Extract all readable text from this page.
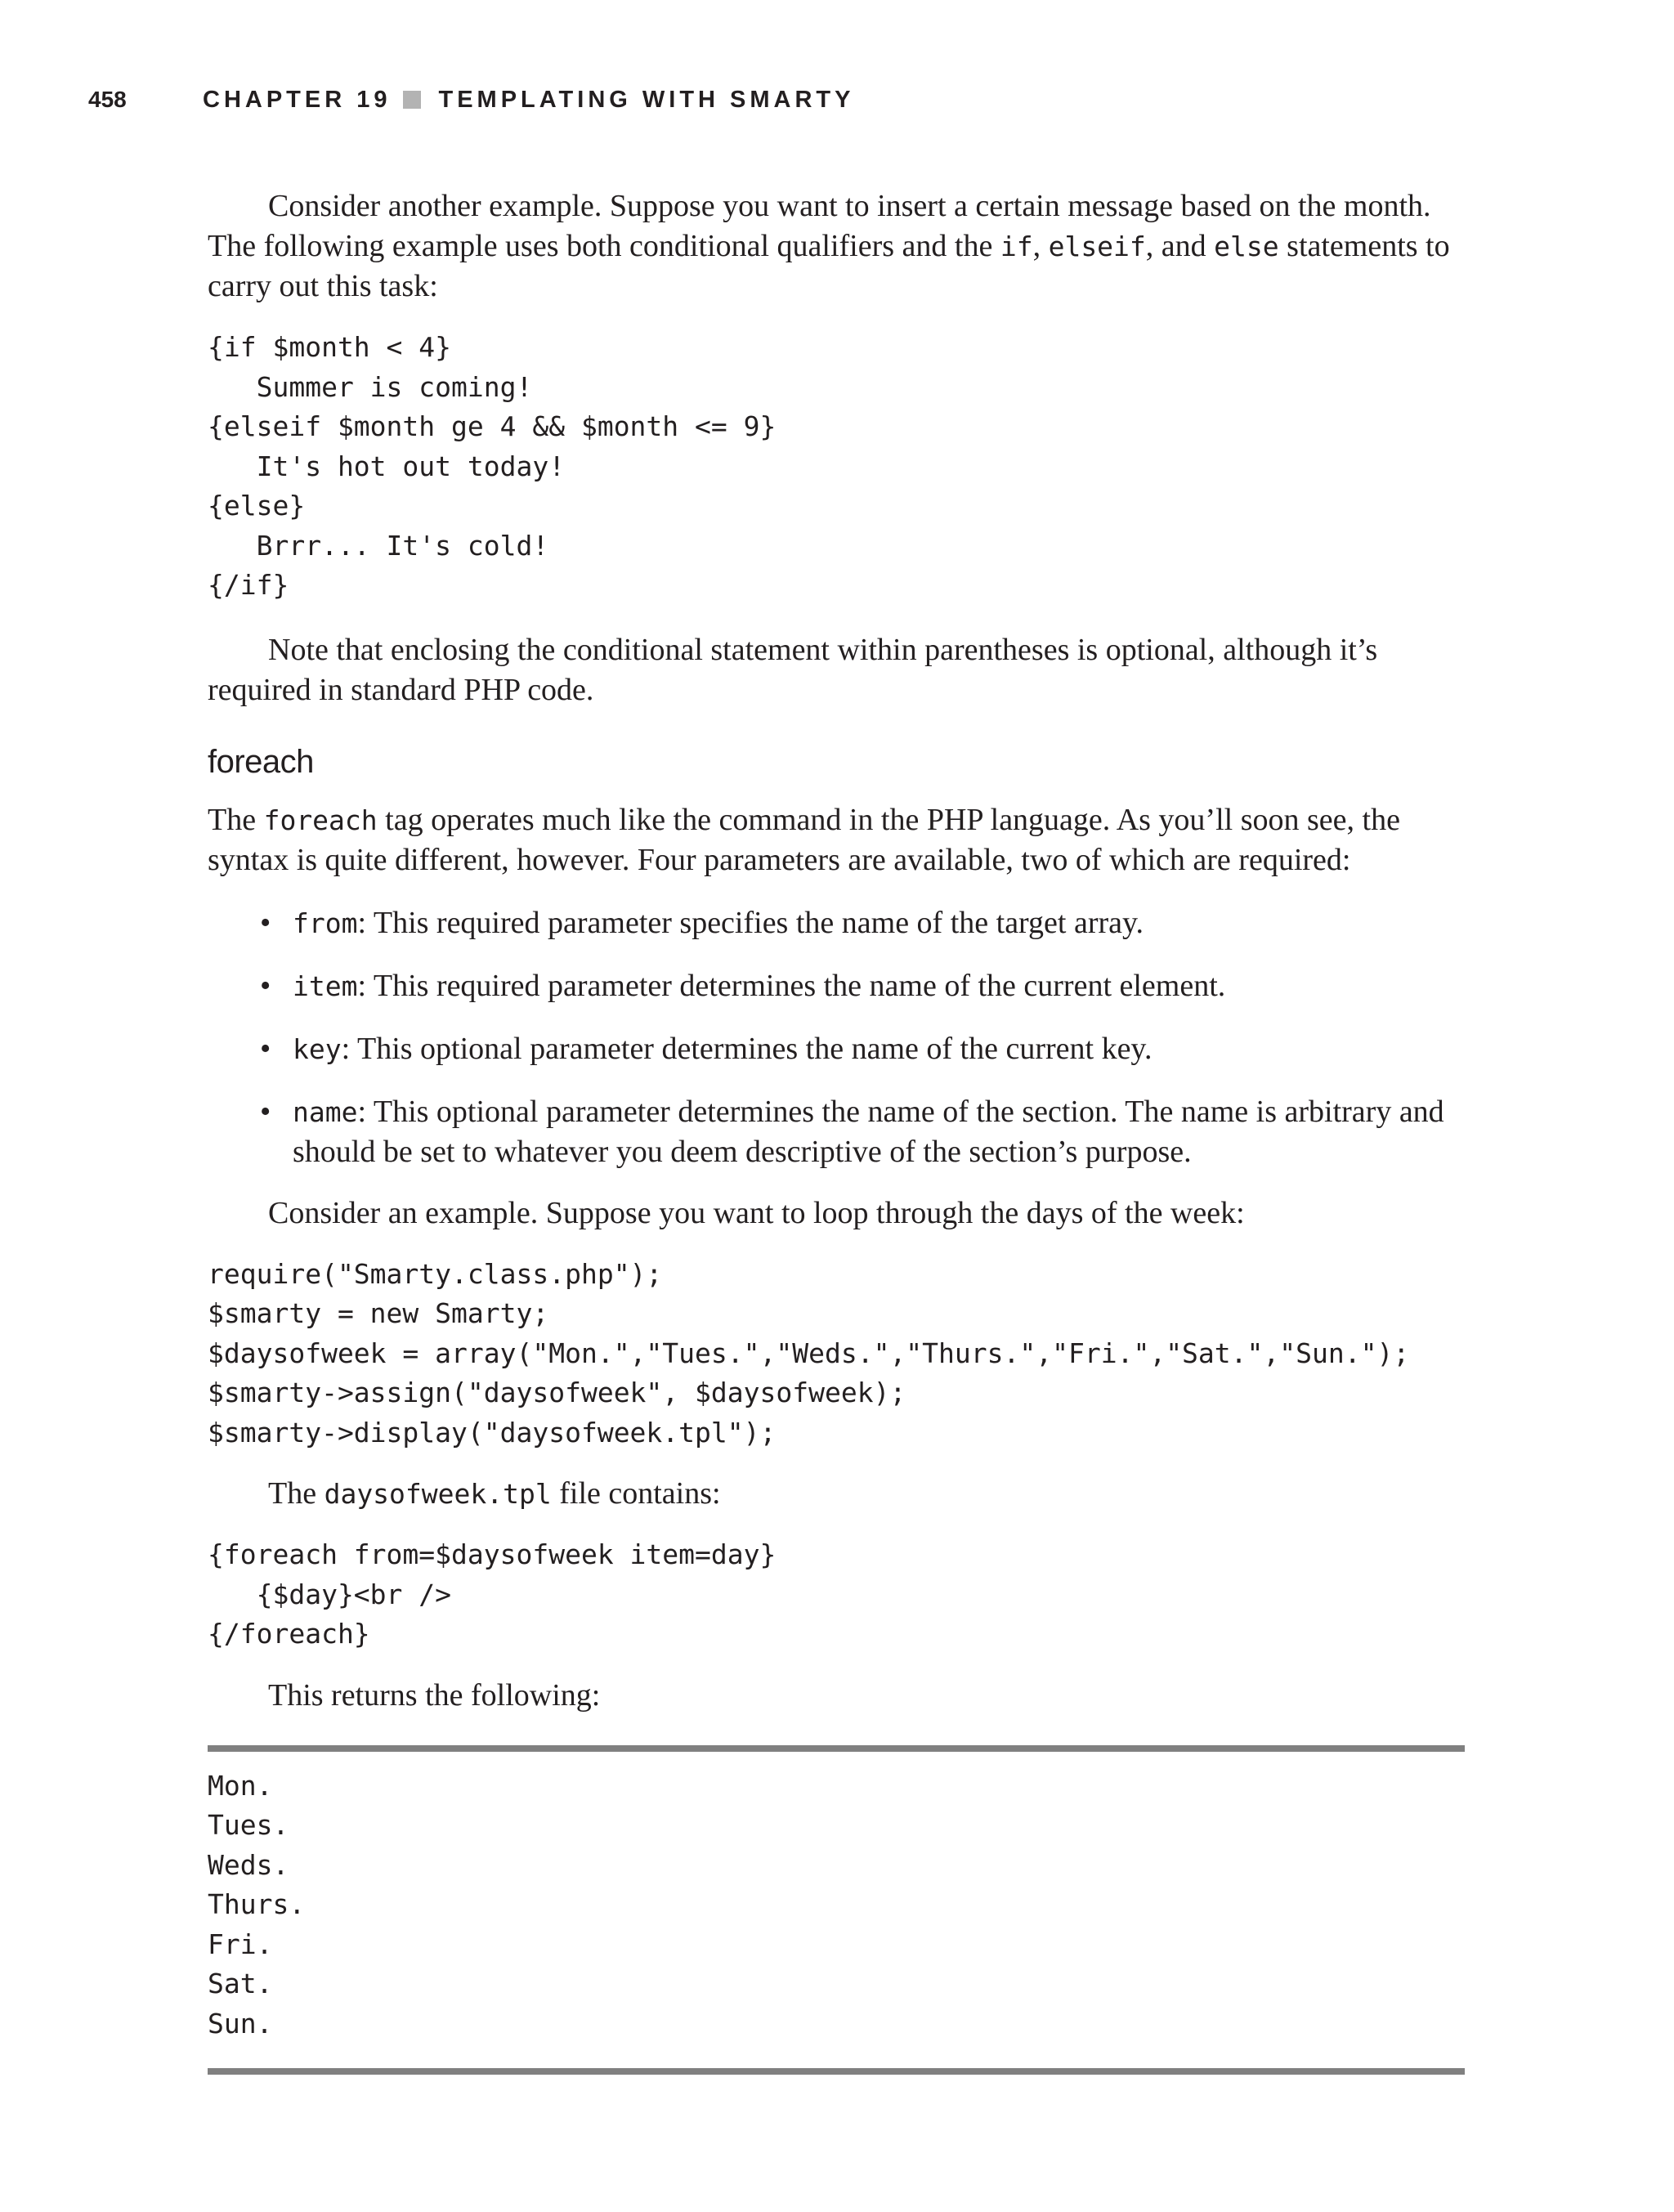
458	CHAPTER 19 TEMPLATING WITH SMARTY

Consider another example. Suppose you want to insert a certain message based on the month. The following example uses both conditional qualifiers and the if, elseif, and else statements to carry out this task:

{if $month < 4}
Summer is coming!
{elseif $month ge 4 && $month <= 9}
It's hot out today!
{else}
Brrr... It's cold!
{/if}

Note that enclosing the conditional statement within parentheses is optional, although it’s required in standard PHP code.

foreach

The foreach tag operates much like the command in the PHP language. As you’ll soon see, the syntax is quite different, however. Four parameters are available, two of which are required:

• from: This required parameter specifies the name of the target array.
• item: This required parameter determines the name of the current element.
• key: This optional parameter determines the name of the current key.
• name: This optional parameter determines the name of the section. The name is arbitrary and should be set to whatever you deem descriptive of the section’s purpose.

Consider an example. Suppose you want to loop through the days of the week:

require("Smarty.class.php");
$smarty = new Smarty;
$daysofweek = array("Mon.","Tues.","Weds.","Thurs.","Fri.","Sat.","Sun.");
$smarty->assign("daysofweek", $daysofweek);
$smarty->display("daysofweek.tpl");

The daysofweek.tpl file contains:

{foreach from=$daysofweek item=day}
{$day}<br />
{/foreach}

This returns the following:

Mon.
Tues.
Weds.
Thurs.
Fri.
Sat.
Sun.
